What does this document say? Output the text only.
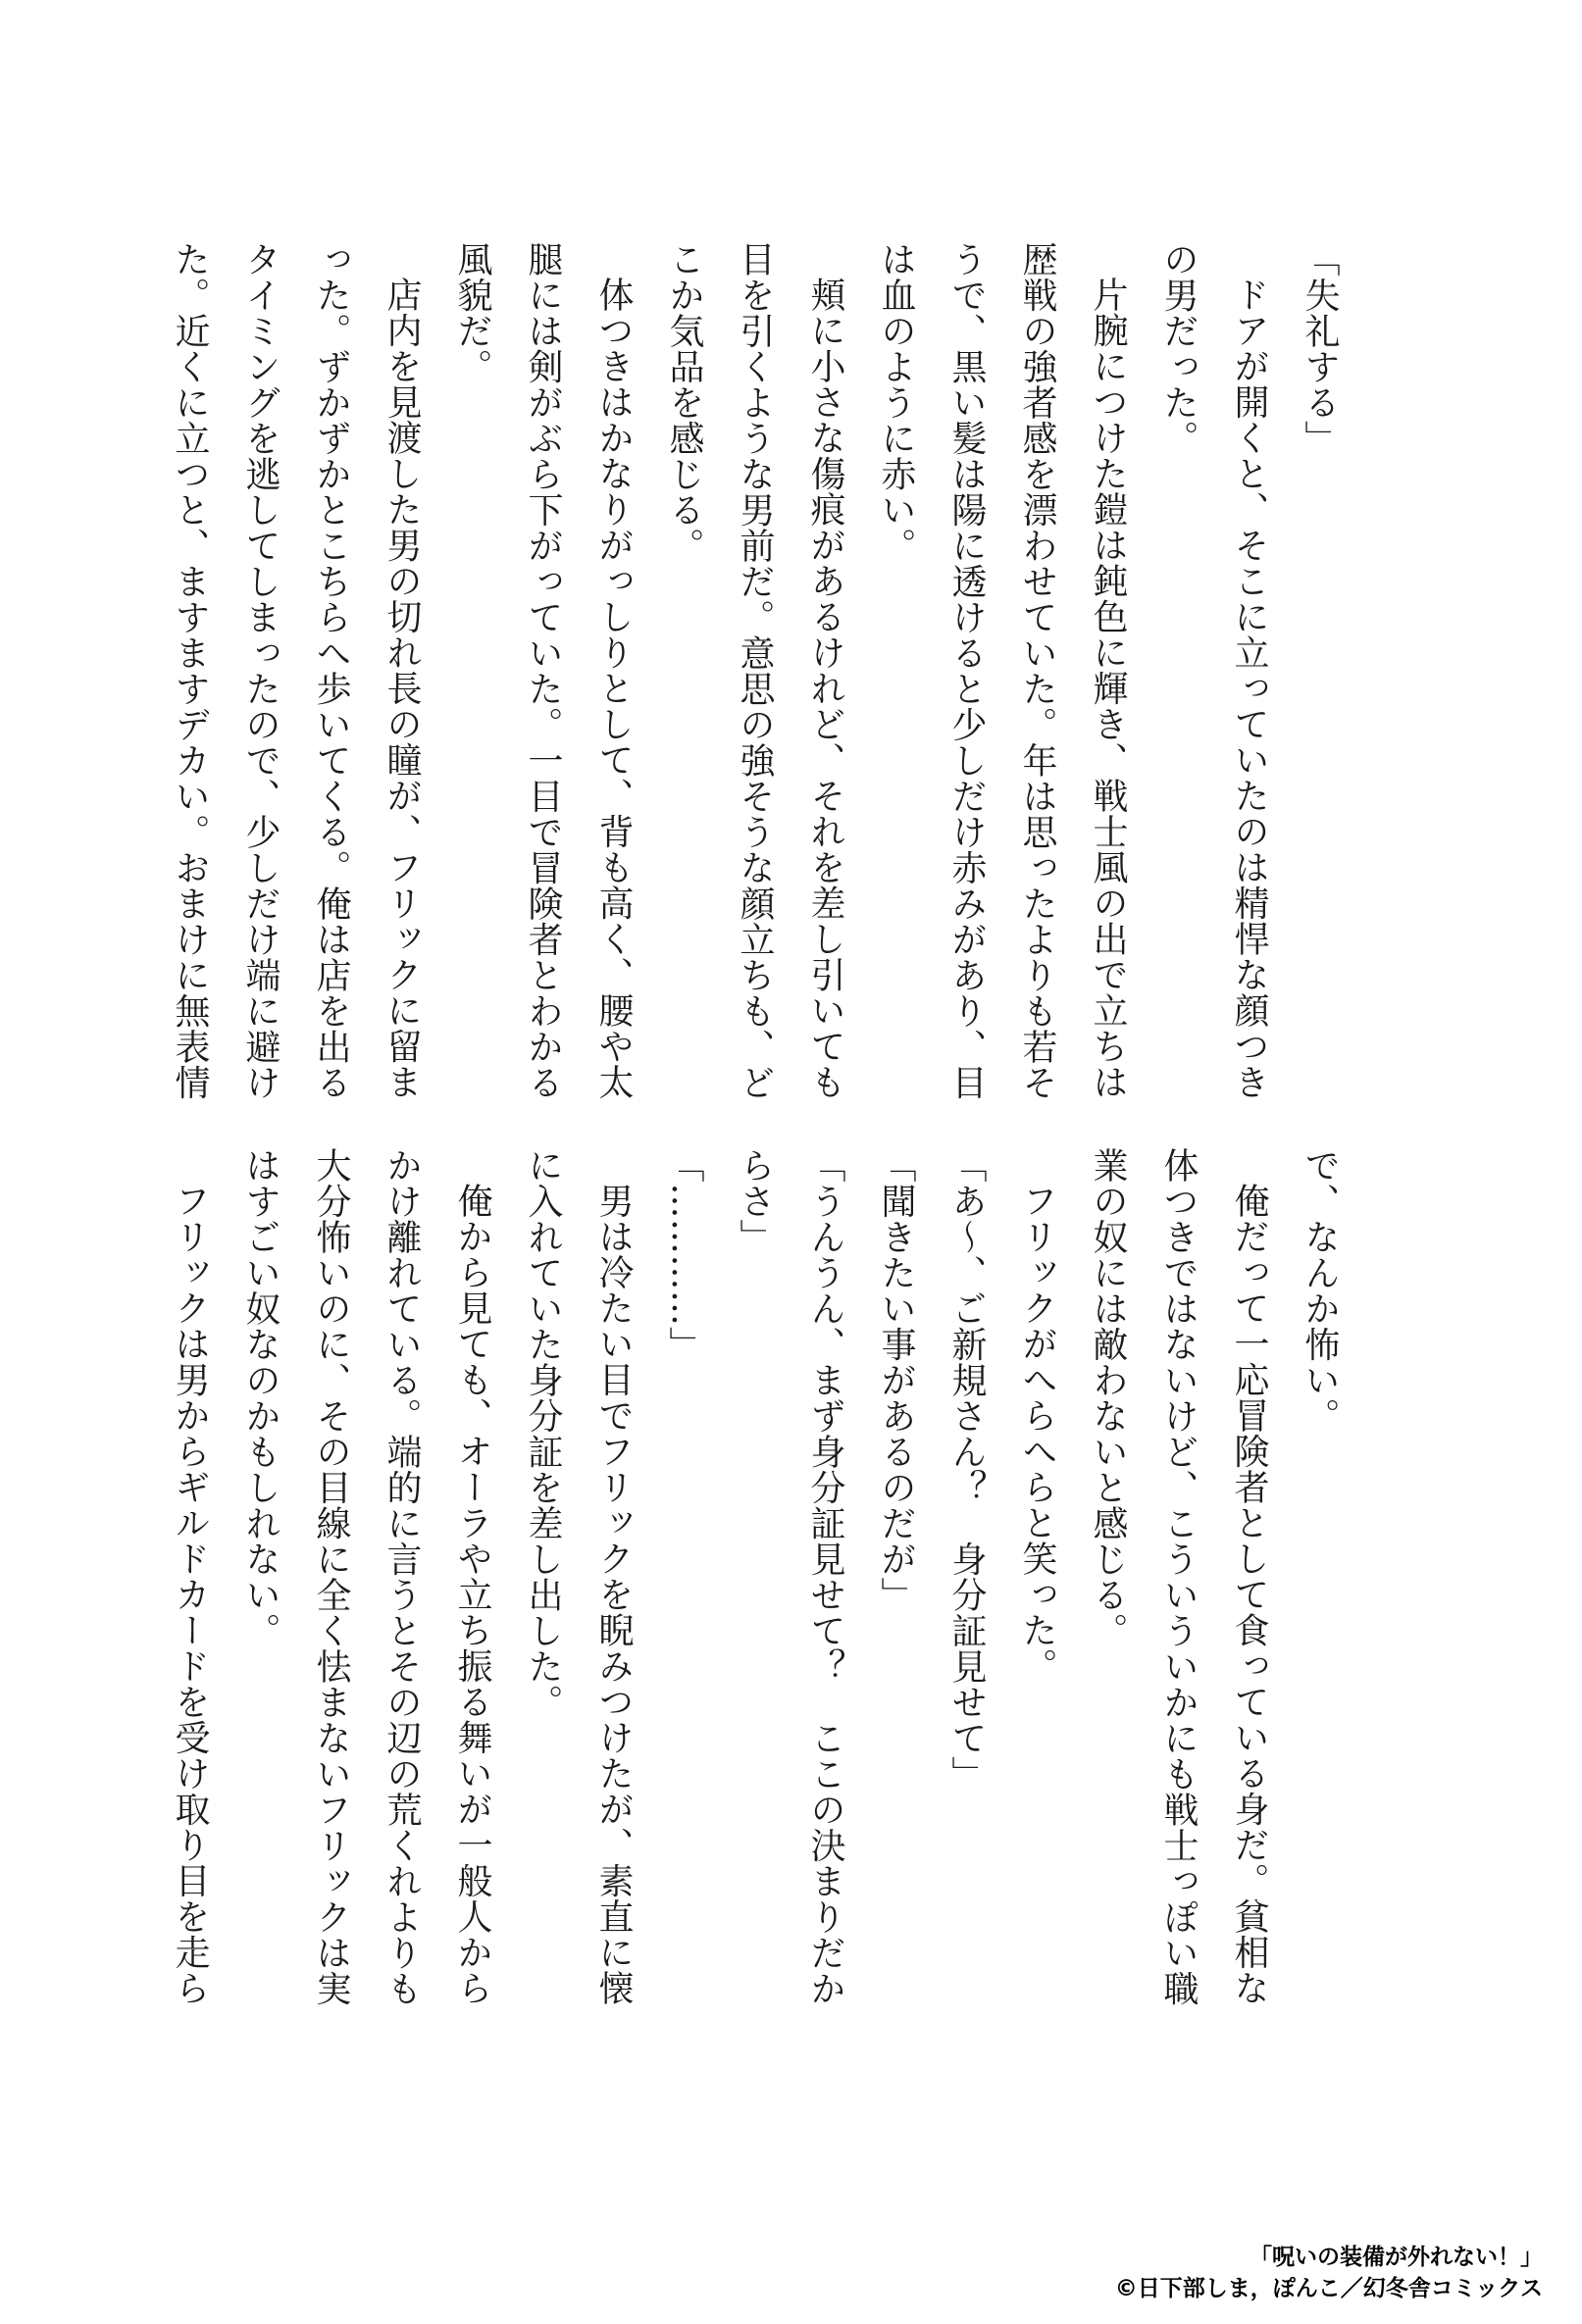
「失礼する」
ドアが開くと、そこに立っていたのは精悍な顔つきの男だった。
片腕につけた鎧は鈍色に輝き、戦士風の出で立ちは歴戦の強者感を漂わせていた。年は思ったよりも若そうで、黒い髪は陽に透けると少しだけ赤みがあり、目は血のように赤い。
頬に小さな傷痕があるけれど、それを差し引いても目を引くような男前だ。意思の強そうな顔立ちも、どこか気品を感じる。
体つきはかなりがっしりとして、背も高く、腰や太腿には剣がぶら下がっていた。一目で冒険者とわかる風貌だ。
店内を見渡した男の切れ長の瞳が、フリックに留まった。ずかずかとこちらへ歩いてくる。俺は店を出るタイミングを逃してしまったので、少しだけ端に避けた。近くに立つと、ますますデカい。おまけに無表情
で、なんか怖い。
俺だって一応冒険者として食っている身だ。貧相な体つきではないけど、こういういかにも戦士っぽい職業の奴には敵わないと感じる。
フリックがへらへらと笑った。
「あ〜、ご新規さん？　身分証見せて」
「聞きたい事があるのだが」
「うんうん、まず身分証見せて？　ここの決まりだからさ」
「…………」
男は冷たい目でフリックを睨みつけたが、素直に懐に入れていた身分証を差し出した。
俺から見ても、オーラや立ち振る舞いが一般人からかけ離れている。端的に言うとその辺の荒くれよりも大分怖いのに、その目線に全く怯まないフリックは実はすごい奴なのかもしれない。
フリックは男からギルドカードを受け取り目を走ら
「呪いの装備が外れない！」
©日下部しま，ぽんこ／幻冬舎コミックス
